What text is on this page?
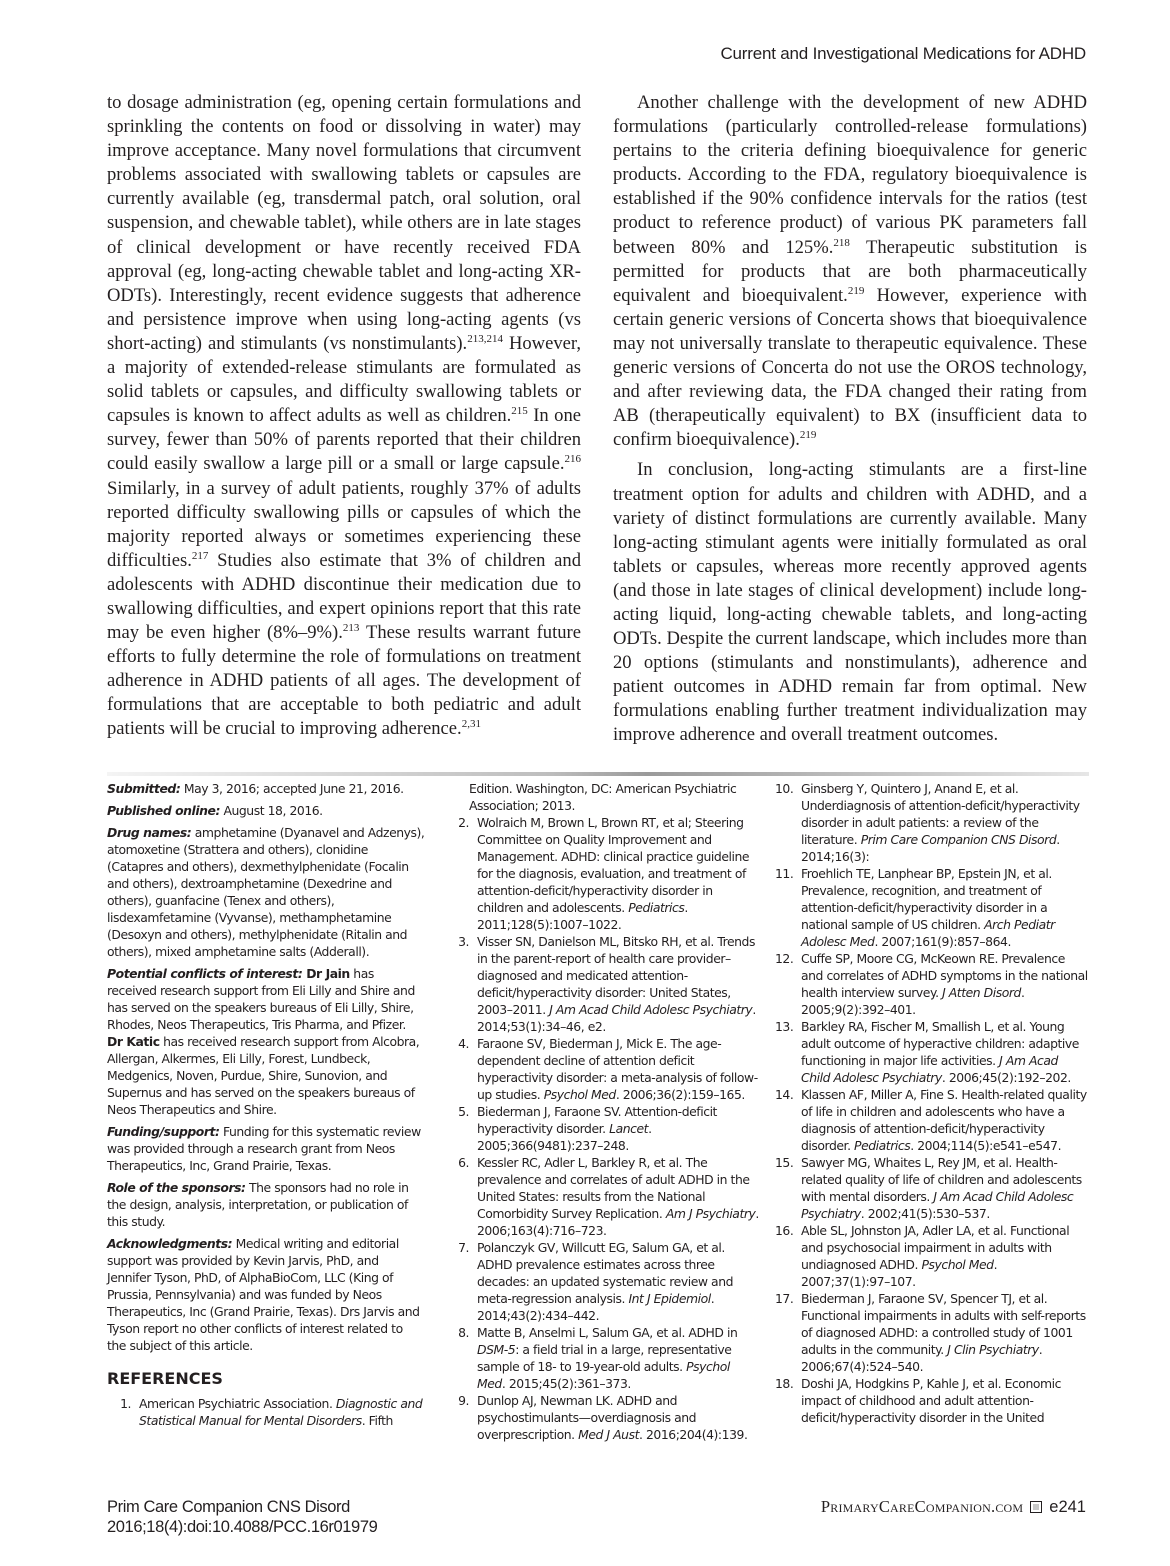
Current and Investigational Medications for ADHD

to dosage administration (eg, opening certain formulations and sprinkling the contents on food or dissolving in water) may improve acceptance. Many novel formulations that circumvent problems associated with swallowing tablets or capsules are currently available (eg, transdermal patch, oral solution, oral suspension, and chewable tablet), while others are in late stages of clinical development or have recently received FDA approval (eg, long-acting chewable tablet and long-acting XR-ODTs). Interestingly, recent evidence suggests that adherence and persistence improve when using long-acting agents (vs short-acting) and stimulants (vs nonstimulants).$^{213,214}$ However, a majority of extended-release stimulants are formulated as solid tablets or capsules, and difficulty swallowing tablets or capsules is known to affect adults as well as children.$^{215}$ In one survey, fewer than 50% of parents reported that their children could easily swallow a large pill or a small or large capsule.$^{216}$ Similarly, in a survey of adult patients, roughly 37% of adults reported difficulty swallowing pills or capsules of which the majority reported always or sometimes experiencing these difficulties.$^{217}$ Studies also estimate that 3% of children and adolescents with ADHD discontinue their medication due to swallowing difficulties, and expert opinions report that this rate may be even higher (8%–9%).$^{213}$ These results warrant future efforts to fully determine the role of formulations on treatment adherence in ADHD patients of all ages. The development of formulations that are acceptable to both pediatric and adult patients will be crucial to improving adherence.$^{2,31}$

Another challenge with the development of new ADHD formulations (particularly controlled-release formulations) pertains to the criteria defining bioequivalence for generic products. According to the FDA, regulatory bioequivalence is established if the 90% confidence intervals for the ratios (test product to reference product) of various PK parameters fall between 80% and 125%.$^{218}$ Therapeutic substitution is permitted for products that are both pharmaceutically equivalent and bioequivalent.$^{219}$ However, experience with certain generic versions of Concerta shows that bioequivalence may not universally translate to therapeutic equivalence. These generic versions of Concerta do not use the OROS technology, and after reviewing data, the FDA changed their rating from AB (therapeutically equivalent) to BX (insufficient data to confirm bioequivalence).$^{219}$

In conclusion, long-acting stimulants are a first-line treatment option for adults and children with ADHD, and a variety of distinct formulations are currently available. Many long-acting stimulant agents were initially formulated as oral tablets or capsules, whereas more recently approved agents (and those in late stages of clinical development) include long-acting liquid, long-acting chewable tablets, and long-acting ODTs. Despite the current landscape, which includes more than 20 options (stimulants and nonstimulants), adherence and patient outcomes in ADHD remain far from optimal. New formulations enabling further treatment individualization may improve adherence and overall treatment outcomes.

Submitted: May 3, 2016; accepted June 21, 2016.

Published online: August 18, 2016.

Drug names: amphetamine (Dyanavel and Adzenys), atomoxetine (Strattera and others), clonidine (Catapres and others), dexmethylphenidate (Focalin and others), dextroamphetamine (Dexedrine and others), guanfacine (Tenex and others), lisdexamfetamine (Vyvanse), methamphetamine (Desoxyn and others), methylphenidate (Ritalin and others), mixed amphetamine salts (Adderall).

Potential conflicts of interest: Dr Jain has received research support from Eli Lilly and Shire and has served on the speakers bureaus of Eli Lilly, Shire, Rhodes, Neos Therapeutics, Tris Pharma, and Pfizer. Dr Katic has received research support from Alcobra, Allergan, Alkermes, Eli Lilly, Forest, Lundbeck, Medgenics, Noven, Purdue, Shire, Sunovion, and Supernus and has served on the speakers bureaus of Neos Therapeutics and Shire.

Funding/support: Funding for this systematic review was provided through a research grant from Neos Therapeutics, Inc, Grand Prairie, Texas.

Role of the sponsors: The sponsors had no role in the design, analysis, interpretation, or publication of this study.

Acknowledgments: Medical writing and editorial support was provided by Kevin Jarvis, PhD, and Jennifer Tyson, PhD, of AlphaBioCom, LLC (King of Prussia, Pennsylvania) and was funded by Neos Therapeutics, Inc (Grand Prairie, Texas). Drs Jarvis and Tyson report no other conflicts of interest related to the subject of this article.

REFERENCES
1. American Psychiatric Association. Diagnostic and Statistical Manual for Mental Disorders. Fifth
Edition. Washington, DC: American Psychiatric Association; 2013.
2. Wolraich M, Brown L, Brown RT, et al; Steering Committee on Quality Improvement and Management. ADHD: clinical practice guideline for the diagnosis, evaluation, and treatment of attention-deficit/hyperactivity disorder in children and adolescents. Pediatrics. 2011;128(5):1007–1022.
3. Visser SN, Danielson ML, Bitsko RH, et al. Trends in the parent-report of health care provider–diagnosed and medicated attention-deficit/hyperactivity disorder: United States, 2003–2011. J Am Acad Child Adolesc Psychiatry. 2014;53(1):34–46, e2.
4. Faraone SV, Biederman J, Mick E. The age-dependent decline of attention deficit hyperactivity disorder: a meta-analysis of follow-up studies. Psychol Med. 2006;36(2):159–165.
5. Biederman J, Faraone SV. Attention-deficit hyperactivity disorder. Lancet. 2005;366(9481):237–248.
6. Kessler RC, Adler L, Barkley R, et al. The prevalence and correlates of adult ADHD in the United States: results from the National Comorbidity Survey Replication. Am J Psychiatry. 2006;163(4):716–723.
7. Polanczyk GV, Willcutt EG, Salum GA, et al. ADHD prevalence estimates across three decades: an updated systematic review and meta-regression analysis. Int J Epidemiol. 2014;43(2):434–442.
8. Matte B, Anselmi L, Salum GA, et al. ADHD in DSM-5: a field trial in a large, representative sample of 18- to 19-year-old adults. Psychol Med. 2015;45(2):361–373.
9. Dunlop AJ, Newman LK. ADHD and psychostimulants—overdiagnosis and overprescription. Med J Aust. 2016;204(4):139.
10. Ginsberg Y, Quintero J, Anand E, et al. Underdiagnosis of attention-deficit/hyperactivity disorder in adult patients: a review of the literature. Prim Care Companion CNS Disord. 2014;16(3):
11. Froehlich TE, Lanphear BP, Epstein JN, et al. Prevalence, recognition, and treatment of attention-deficit/hyperactivity disorder in a national sample of US children. Arch Pediatr Adolesc Med. 2007;161(9):857–864.
12. Cuffe SP, Moore CG, McKeown RE. Prevalence and correlates of ADHD symptoms in the national health interview survey. J Atten Disord. 2005;9(2):392–401.
13. Barkley RA, Fischer M, Smallish L, et al. Young adult outcome of hyperactive children: adaptive functioning in major life activities. J Am Acad Child Adolesc Psychiatry. 2006;45(2):192–202.
14. Klassen AF, Miller A, Fine S. Health-related quality of life in children and adolescents who have a diagnosis of attention-deficit/hyperactivity disorder. Pediatrics. 2004;114(5):e541–e547.
15. Sawyer MG, Whaites L, Rey JM, et al. Health-related quality of life of children and adolescents with mental disorders. J Am Acad Child Adolesc Psychiatry. 2002;41(5):530–537.
16. Able SL, Johnston JA, Adler LA, et al. Functional and psychosocial impairment in adults with undiagnosed ADHD. Psychol Med. 2007;37(1):97–107.
17. Biederman J, Faraone SV, Spencer TJ, et al. Functional impairments in adults with self-reports of diagnosed ADHD: a controlled study of 1001 adults in the community. J Clin Psychiatry. 2006;67(4):524–540.
18. Doshi JA, Hodgkins P, Kahle J, et al. Economic impact of childhood and adult attention-deficit/hyperactivity disorder in the United
Prim Care Companion CNS Disord
2016;18(4):doi:10.4088/PCC.16r01979
PrimaryCareCompanion.com e241
